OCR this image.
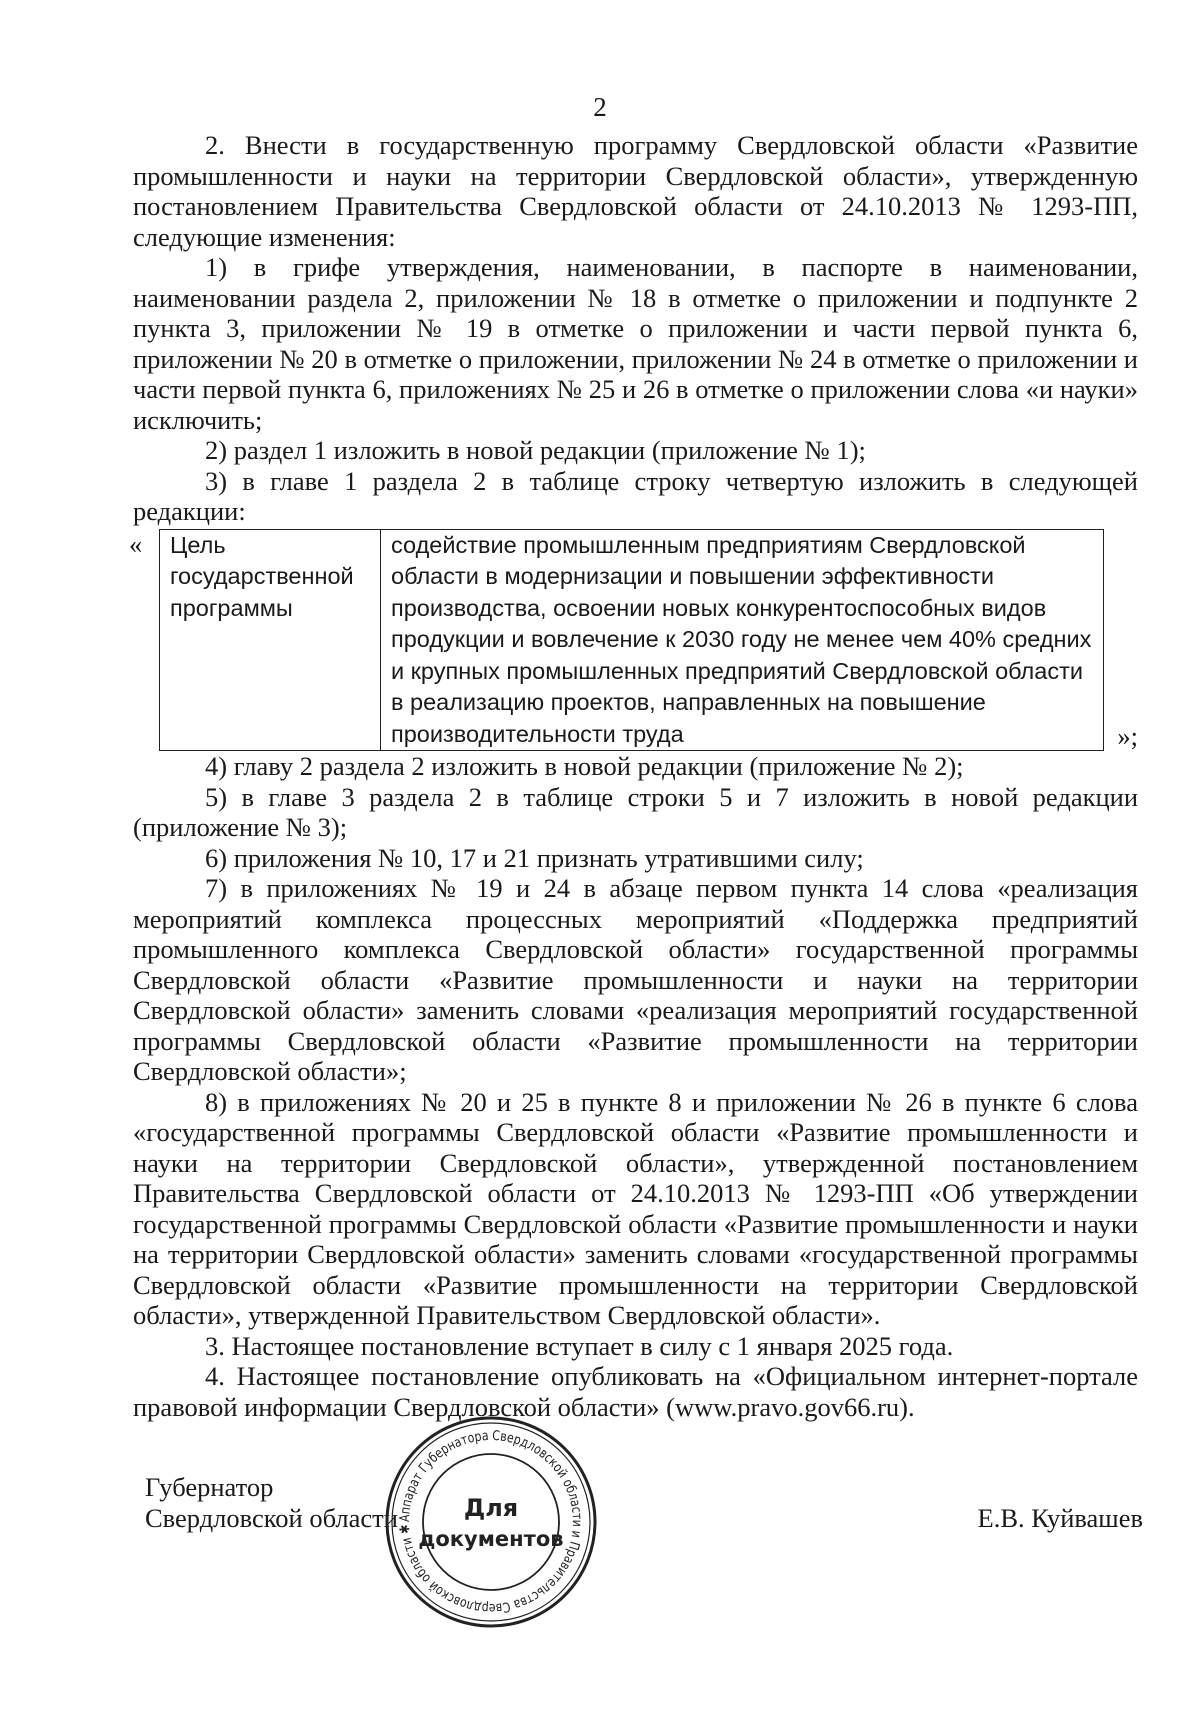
2

2. Внести в государственную программу Свердловской области «Развитие промышленности и науки на территории Свердловской области», утвержденную постановлением Правительства Свердловской области от 24.10.2013 № 1293-ПП, следующие изменения:

1) в грифе утверждения, наименовании, в паспорте в наименовании, наименовании раздела 2, приложении № 18 в отметке о приложении и подпункте 2 пункта 3, приложении № 19 в отметке о приложении и части первой пункта 6, приложении № 20 в отметке о приложении, приложении № 24 в отметке о приложении и части первой пункта 6, приложениях № 25 и 26 в отметке о приложении слова «и науки» исключить;

2) раздел 1 изложить в новой редакции (приложение № 1);

3) в главе 1 раздела 2 в таблице строку четвертую изложить в следующей редакции:

« Цель государственной программы	содействие промышленным предприятиям Свердловской области в модернизации и повышении эффективности производства, освоении новых конкурентоспособных видов продукции и вовлечение к 2030 году не менее чем 40% средних и крупных промышленных предприятий Свердловской области в реализацию проектов, направленных на повышение производительности труда	»;

4) главу 2 раздела 2 изложить в новой редакции (приложение № 2);

5) в главе 3 раздела 2 в таблице строки 5 и 7 изложить в новой редакции (приложение № 3);

6) приложения № 10, 17 и 21 признать утратившими силу;

7) в приложениях № 19 и 24 в абзаце первом пункта 14 слова «реализация мероприятий комплекса процессных мероприятий «Поддержка предприятий промышленного комплекса Свердловской области» государственной программы Свердловской области «Развитие промышленности и науки на территории Свердловской области» заменить словами «реализация мероприятий государственной программы Свердловской области «Развитие промышленности на территории Свердловской области»;

8) в приложениях № 20 и 25 в пункте 8 и приложении № 26 в пункте 6 слова «государственной программы Свердловской области «Развитие промышленности и науки на территории Свердловской области», утвержденной постановлением Правительства Свердловской области от 24.10.2013 № 1293-ПП «Об утверждении государственной программы Свердловской области «Развитие промышленности и науки на территории Свердловской области» заменить словами «государственной программы Свердловской области «Развитие промышленности на территории Свердловской области», утвержденной Правительством Свердловской области».

3. Настоящее постановление вступает в силу с 1 января 2025 года.

4. Настоящее постановление опубликовать на «Официальном интернет-портале правовой информации Свердловской области» (www.pravo.gov66.ru).

Губернатор
Свердловской области
Аппарат Губернатора Свердловской области и Правительства Свердловской области ✱
Для
документов
Е.В. Куйвашев
